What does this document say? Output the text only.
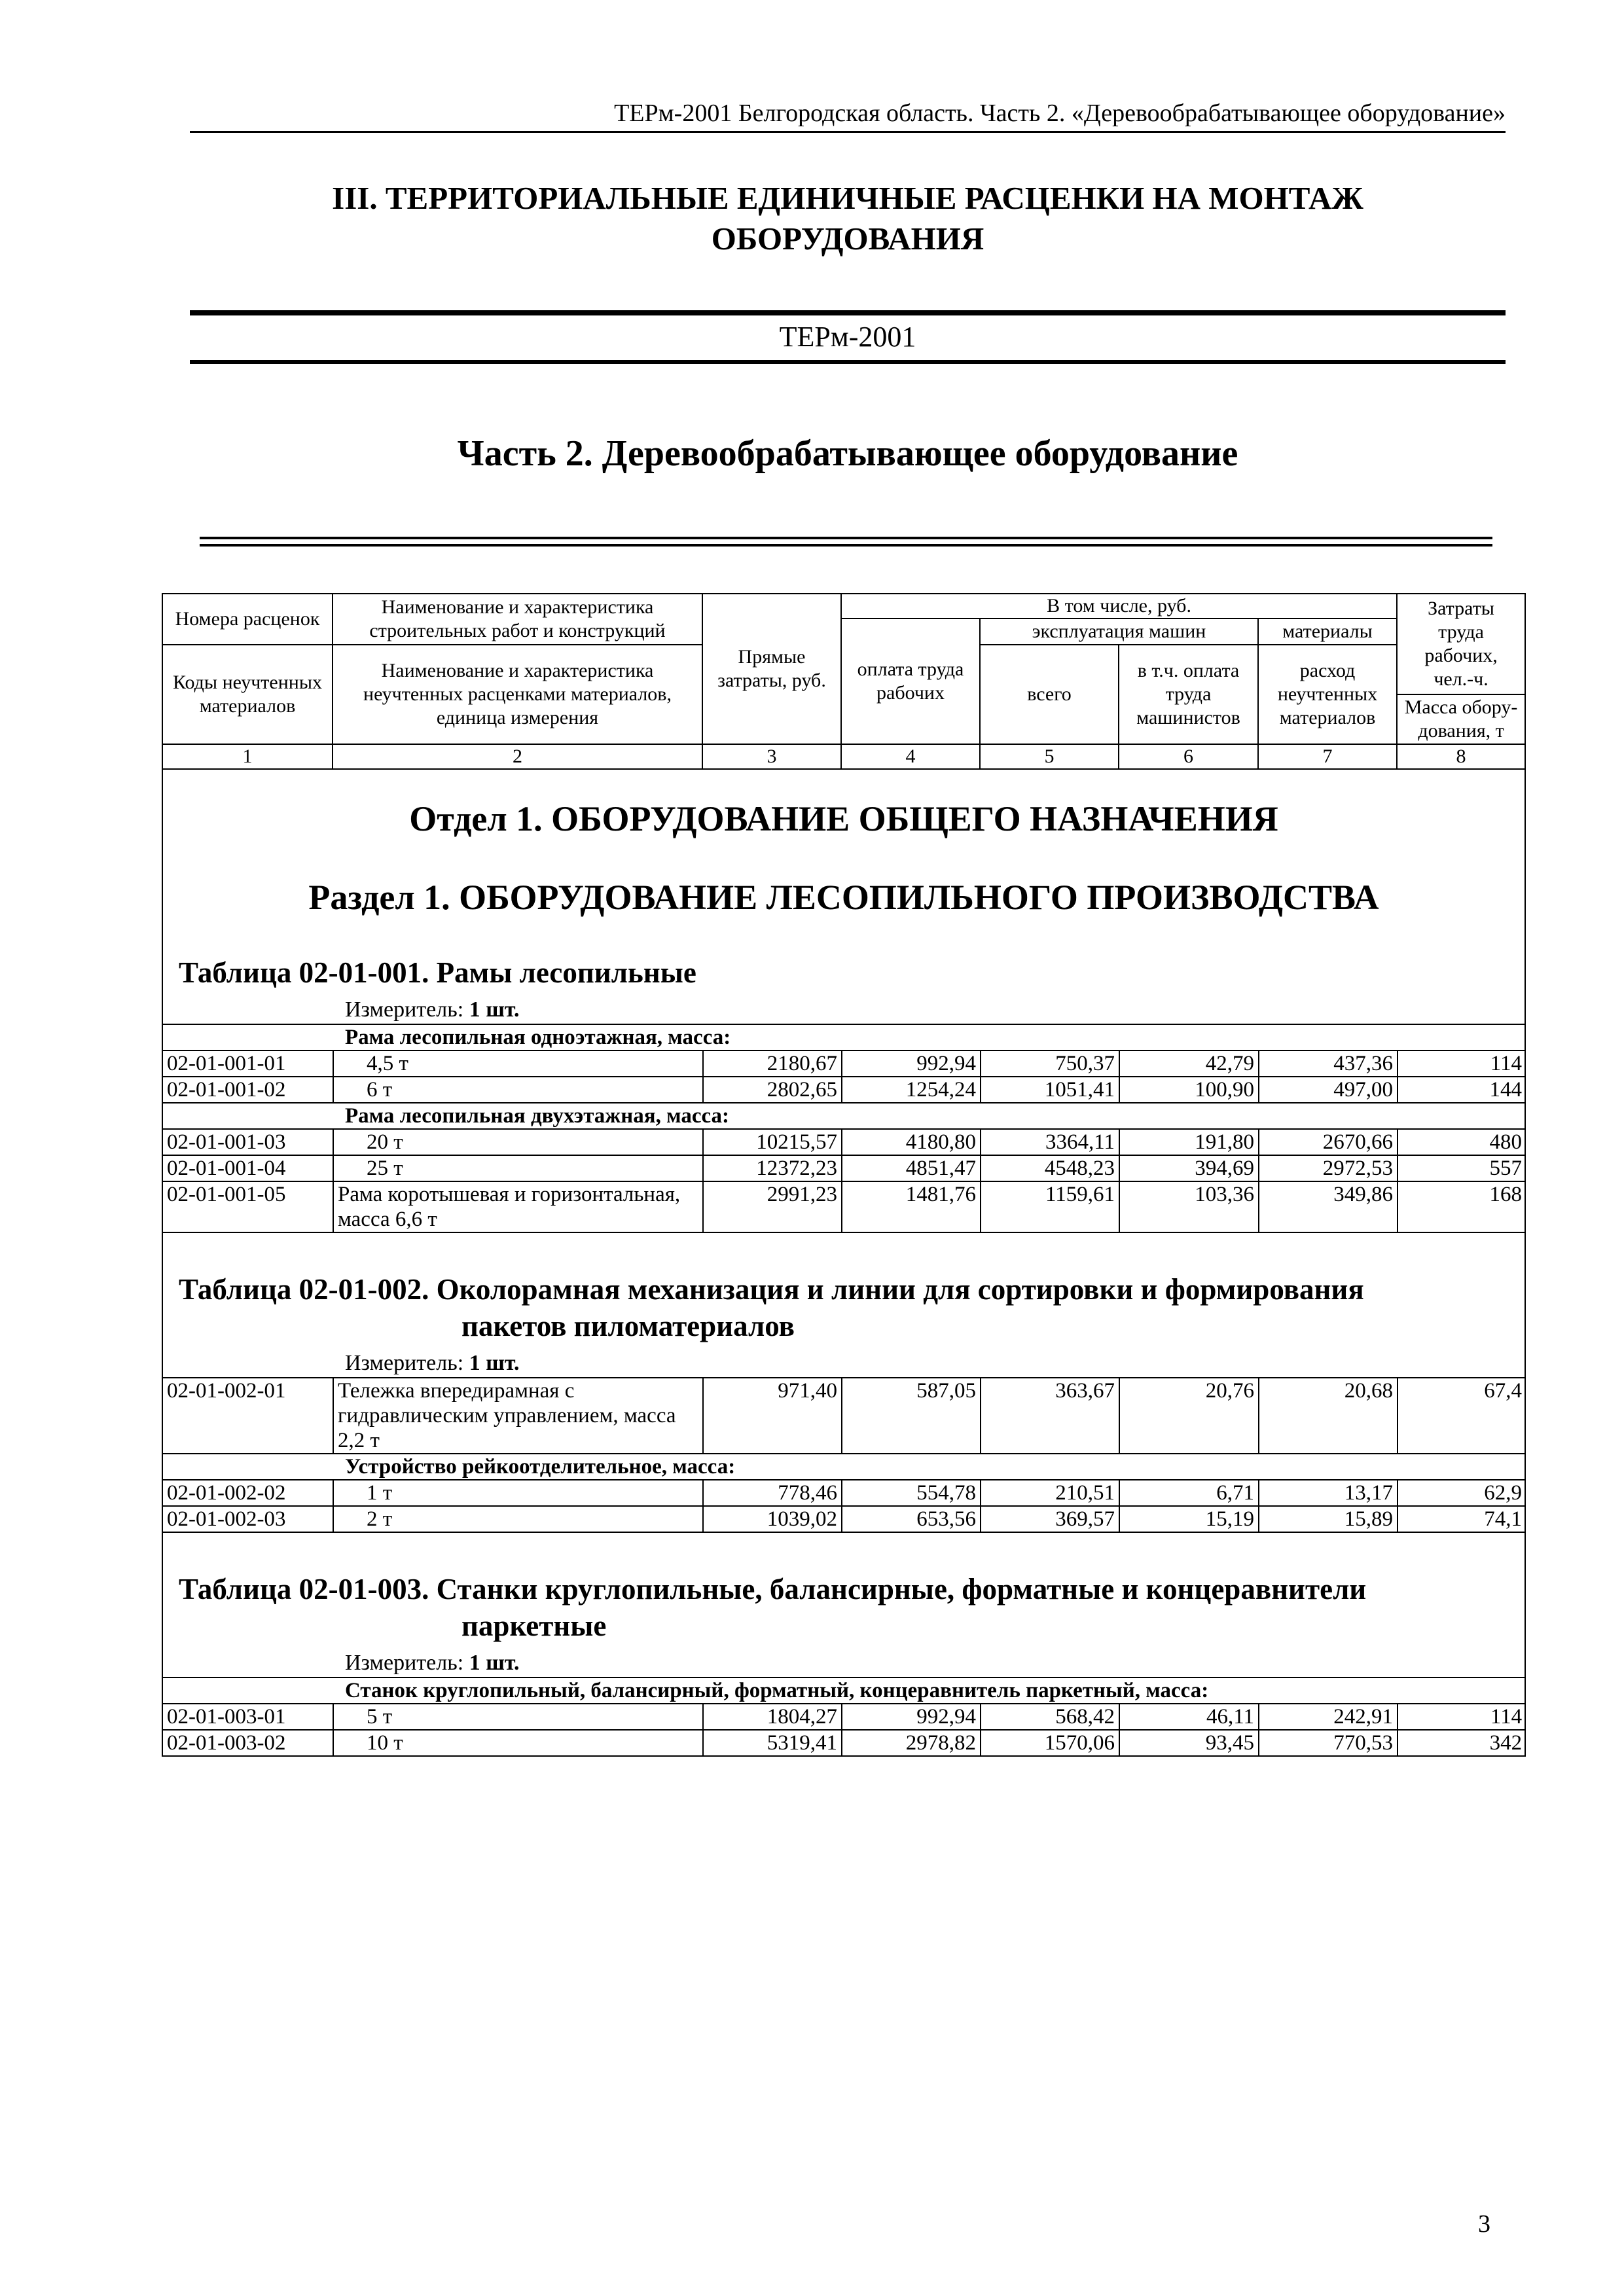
ТЕРм-2001 Белгородская область. Часть 2. «Деревообрабатывающее оборудование»
III. ТЕРРИТОРИАЛЬНЫЕ ЕДИНИЧНЫЕ РАСЦЕНКИ НА МОНТАЖ
ОБОРУДОВАНИЯ
ТЕРм-2001
Часть 2. Деревообрабатывающее оборудование
Номера расценок	Наименование и характеристика строительных работ и конструкций	Прямые затраты, руб.	В том числе, руб.	Затраты труда рабочих, чел.-ч.
оплата труда рабочих	эксплуатация машин	материалы
Коды неучтенных материалов	Наименование и характеристика неучтенных расценками материалов, единица измерения	всего	в т.ч. оплата труда машинистов	расход неучтенных материалов
Масса обору-дования, т
1	2	3	4	5	6	7	8

Отдел 1. ОБОРУДОВАНИЕ ОБЩЕГО НАЗНАЧЕНИЯ
Раздел 1. ОБОРУДОВАНИЕ ЛЕСОПИЛЬНОГО ПРОИЗВОДСТВА
Таблица 02-01-001. Рамы лесопильные
Измеритель: 1 шт.
Рама лесопильная одноэтажная, масса:
02-01-001-01	4,5 т	2180,67	992,94	750,37	42,79	437,36	114
02-01-001-02	6 т	2802,65	1254,24	1051,41	100,90	497,00	144
Рама лесопильная двухэтажная, масса:
02-01-001-03	20 т	10215,57	4180,80	3364,11	191,80	2670,66	480
02-01-001-04	25 т	12372,23	4851,47	4548,23	394,69	2972,53	557
02-01-001-05	Рама коротышевая и горизонтальная, масса 6,6 т	2991,23	1481,76	1159,61	103,36	349,86	168
Таблица 02-01-002. Околорамная механизация и линии для сортировки и формирования
пакетов пиломатериалов
Измеритель: 1 шт.
02-01-002-01	Тележка впередирамная с гидравлическим управлением, масса 2,2 т	971,40	587,05	363,67	20,76	20,68	67,4
Устройство рейкоотделительное, масса:
02-01-002-02	1 т	778,46	554,78	210,51	6,71	13,17	62,9
02-01-002-03	2 т	1039,02	653,56	369,57	15,19	15,89	74,1
Таблица 02-01-003. Станки круглопильные, балансирные, форматные и концеравнители
паркетные
Измеритель: 1 шт.
Станок круглопильный, балансирный, форматный, концеравнитель паркетный, масса:
02-01-003-01	5 т	1804,27	992,94	568,42	46,11	242,91	114
02-01-003-02	10 т	5319,41	2978,82	1570,06	93,45	770,53	342
3
